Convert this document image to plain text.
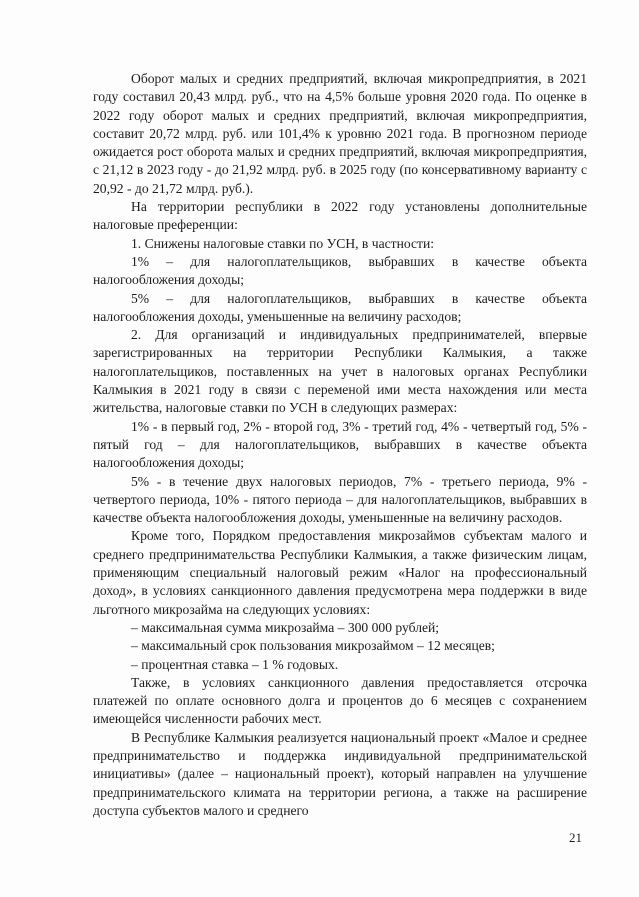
Оборот малых и средних предприятий, включая микропредприятия, в 2021 году составил 20,43 млрд. руб., что на 4,5% больше уровня 2020 года. По оценке в 2022 году оборот малых и средних предприятий, включая микропредприятия, составит 20,72 млрд. руб. или 101,4% к уровню 2021 года. В прогнозном периоде ожидается рост оборота малых и средних предприятий, включая микропредприятия, с 21,12 в 2023 году - до 21,92 млрд. руб. в 2025 году (по консервативному варианту с 20,92 - до 21,72 млрд. руб.).

На территории республики в 2022 году установлены дополнительные налоговые преференции:

1. Снижены налоговые ставки по УСН, в частности:

1% – для налогоплательщиков, выбравших в качестве объекта налогообложения доходы;

5% – для налогоплательщиков, выбравших в качестве объекта налогообложения доходы, уменьшенные на величину расходов;

2. Для организаций и индивидуальных предпринимателей, впервые зарегистрированных на территории Республики Калмыкия, а также налогоплательщиков, поставленных на учет в налоговых органах Республики Калмыкия в 2021 году в связи с переменой ими места нахождения или места жительства, налоговые ставки по УСН в следующих размерах:

1% - в первый год, 2% - второй год, 3% - третий год, 4% - четвертый год, 5% - пятый год – для налогоплательщиков, выбравших в качестве объекта налогообложения доходы;

5% - в течение двух налоговых периодов, 7% - третьего периода, 9% - четвертого периода, 10% - пятого периода – для налогоплательщиков, выбравших в качестве объекта налогообложения доходы, уменьшенные на величину расходов.

Кроме того, Порядком предоставления микрозаймов субъектам малого и среднего предпринимательства Республики Калмыкия, а также физическим лицам, применяющим специальный налоговый режим «Налог на профессиональный доход», в условиях санкционного давления предусмотрена мера поддержки в виде льготного микрозайма на следующих условиях:

– максимальная сумма микрозайма – 300 000 рублей;

– максимальный срок пользования микрозаймом – 12 месяцев;

– процентная ставка – 1 % годовых.

Также, в условиях санкционного давления предоставляется отсрочка платежей по оплате основного долга и процентов до 6 месяцев с сохранением имеющейся численности рабочих мест.

В Республике Калмыкия реализуется национальный проект «Малое и среднее предпринимательство и поддержка индивидуальной предпринимательской инициативы» (далее – национальный проект), который направлен на улучшение предпринимательского климата на территории региона, а также на расширение доступа субъектов малого и среднего

21
